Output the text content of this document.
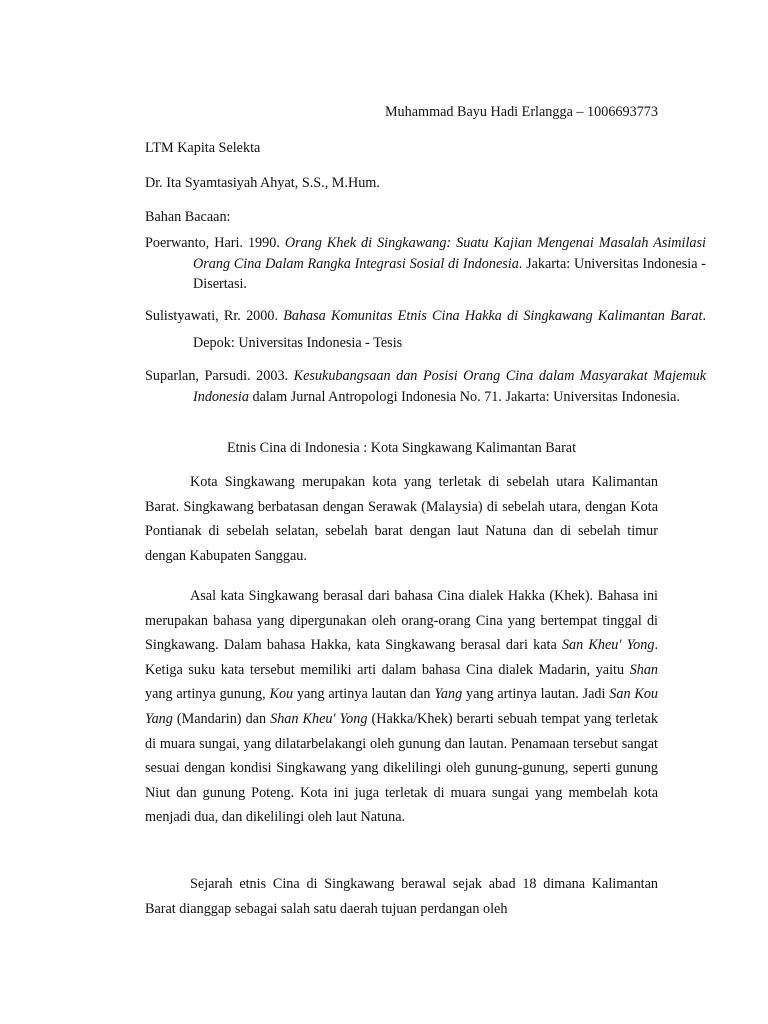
Muhammad Bayu Hadi Erlangga – 1006693773
LTM Kapita Selekta
Dr. Ita Syamtasiyah Ahyat, S.S., M.Hum.
Bahan Bacaan:
Poerwanto, Hari. 1990. Orang Khek di Singkawang: Suatu Kajian Mengenai Masalah Asimilasi Orang Cina Dalam Rangka Integrasi Sosial di Indonesia. Jakarta: Universitas Indonesia - Disertasi.
Sulistyawati, Rr. 2000. Bahasa Komunitas Etnis Cina Hakka di Singkawang Kalimantan Barat. Depok: Universitas Indonesia - Tesis
Suparlan, Parsudi. 2003. Kesukubangsaan dan Posisi Orang Cina dalam Masyarakat Majemuk Indonesia dalam Jurnal Antropologi Indonesia No. 71. Jakarta: Universitas Indonesia.
Etnis Cina di Indonesia : Kota Singkawang Kalimantan Barat

Kota Singkawang merupakan kota yang terletak di sebelah utara Kalimantan Barat. Singkawang berbatasan dengan Serawak (Malaysia) di sebelah utara, dengan Kota Pontianak di sebelah selatan, sebelah barat dengan laut Natuna dan di sebelah timur dengan Kabupaten Sanggau.

Asal kata Singkawang berasal dari bahasa Cina dialek Hakka (Khek). Bahasa ini merupakan bahasa yang dipergunakan oleh orang-orang Cina yang bertempat tinggal di Singkawang. Dalam bahasa Hakka, kata Singkawang berasal dari kata San Kheu' Yong. Ketiga suku kata tersebut memiliki arti dalam bahasa Cina dialek Madarin, yaitu Shan yang artinya gunung, Kou yang artinya lautan dan Yang yang artinya lautan. Jadi San Kou Yang (Mandarin) dan Shan Kheu' Yong (Hakka/Khek) berarti sebuah tempat yang terletak di muara sungai, yang dilatarbelakangi oleh gunung dan lautan. Penamaan tersebut sangat sesuai dengan kondisi Singkawang yang dikelilingi oleh gunung-gunung, seperti gunung Niut dan gunung Poteng. Kota ini juga terletak di muara sungai yang membelah kota menjadi dua, dan dikelilingi oleh laut Natuna.

Sejarah etnis Cina di Singkawang berawal sejak abad 18 dimana Kalimantan Barat dianggap sebagai salah satu daerah tujuan perdangan oleh
